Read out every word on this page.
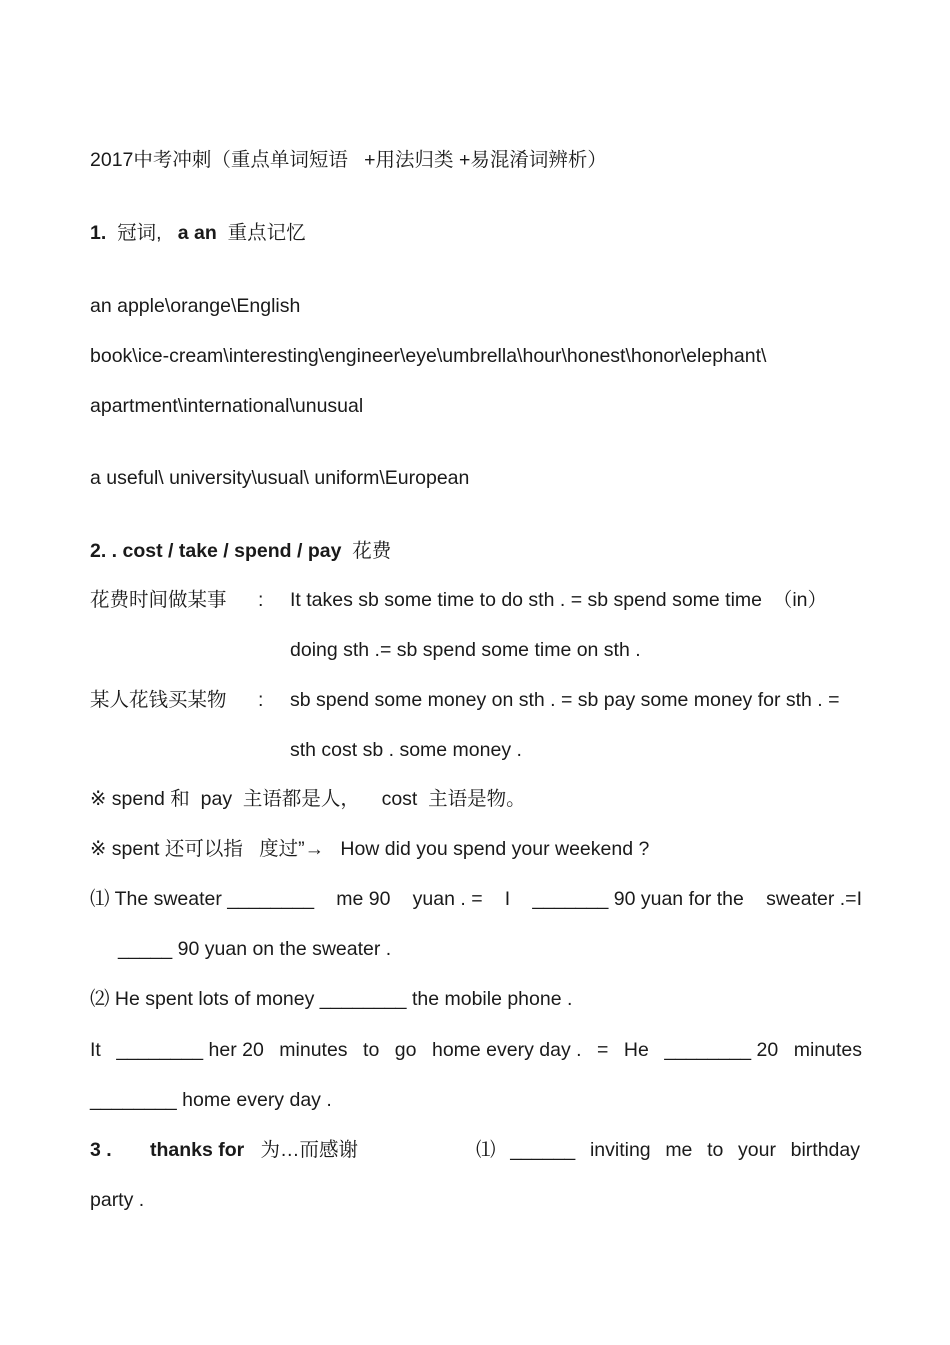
2017中考冲刺（重点单词短语   +用法归类 +易混淆词辨析）
1. 冠词, a an 重点记忆
an apple\orange\English
book\ice-cream\interesting\engineer\eye\umbrella\hour\honest\honor\elephant\
apartment\international\unusual
a useful\ university\usual\ uniform\European
2. . cost / take / spend / pay 花费
花费时间做某事 : It takes sb some time to do sth . = sb spend some time  （in）
doing sth .= sb spend some time on sth .
某人花钱买某物 : sb spend some money on sth . = sb pay some money for sth . =
sth cost sb . some money .
※ spend 和  pay  主语都是人，    cost  主语是物。
※ spent 还可以指   度过”→   How did you spend your weekend ?
⑴ The sweater ________ me 90 yuan . = I _______ 90 yuan for the sweater .=I
_____ 90 yuan on the sweater .
⑵ He spent lots of money ________ the mobile phone .
It ________ her 20 minutes to go home every day . = He ________ 20 minutes
________ home every day .
3 . thanks for 为…而感谢	⑴ ______ inviting me to your birthday
party .
